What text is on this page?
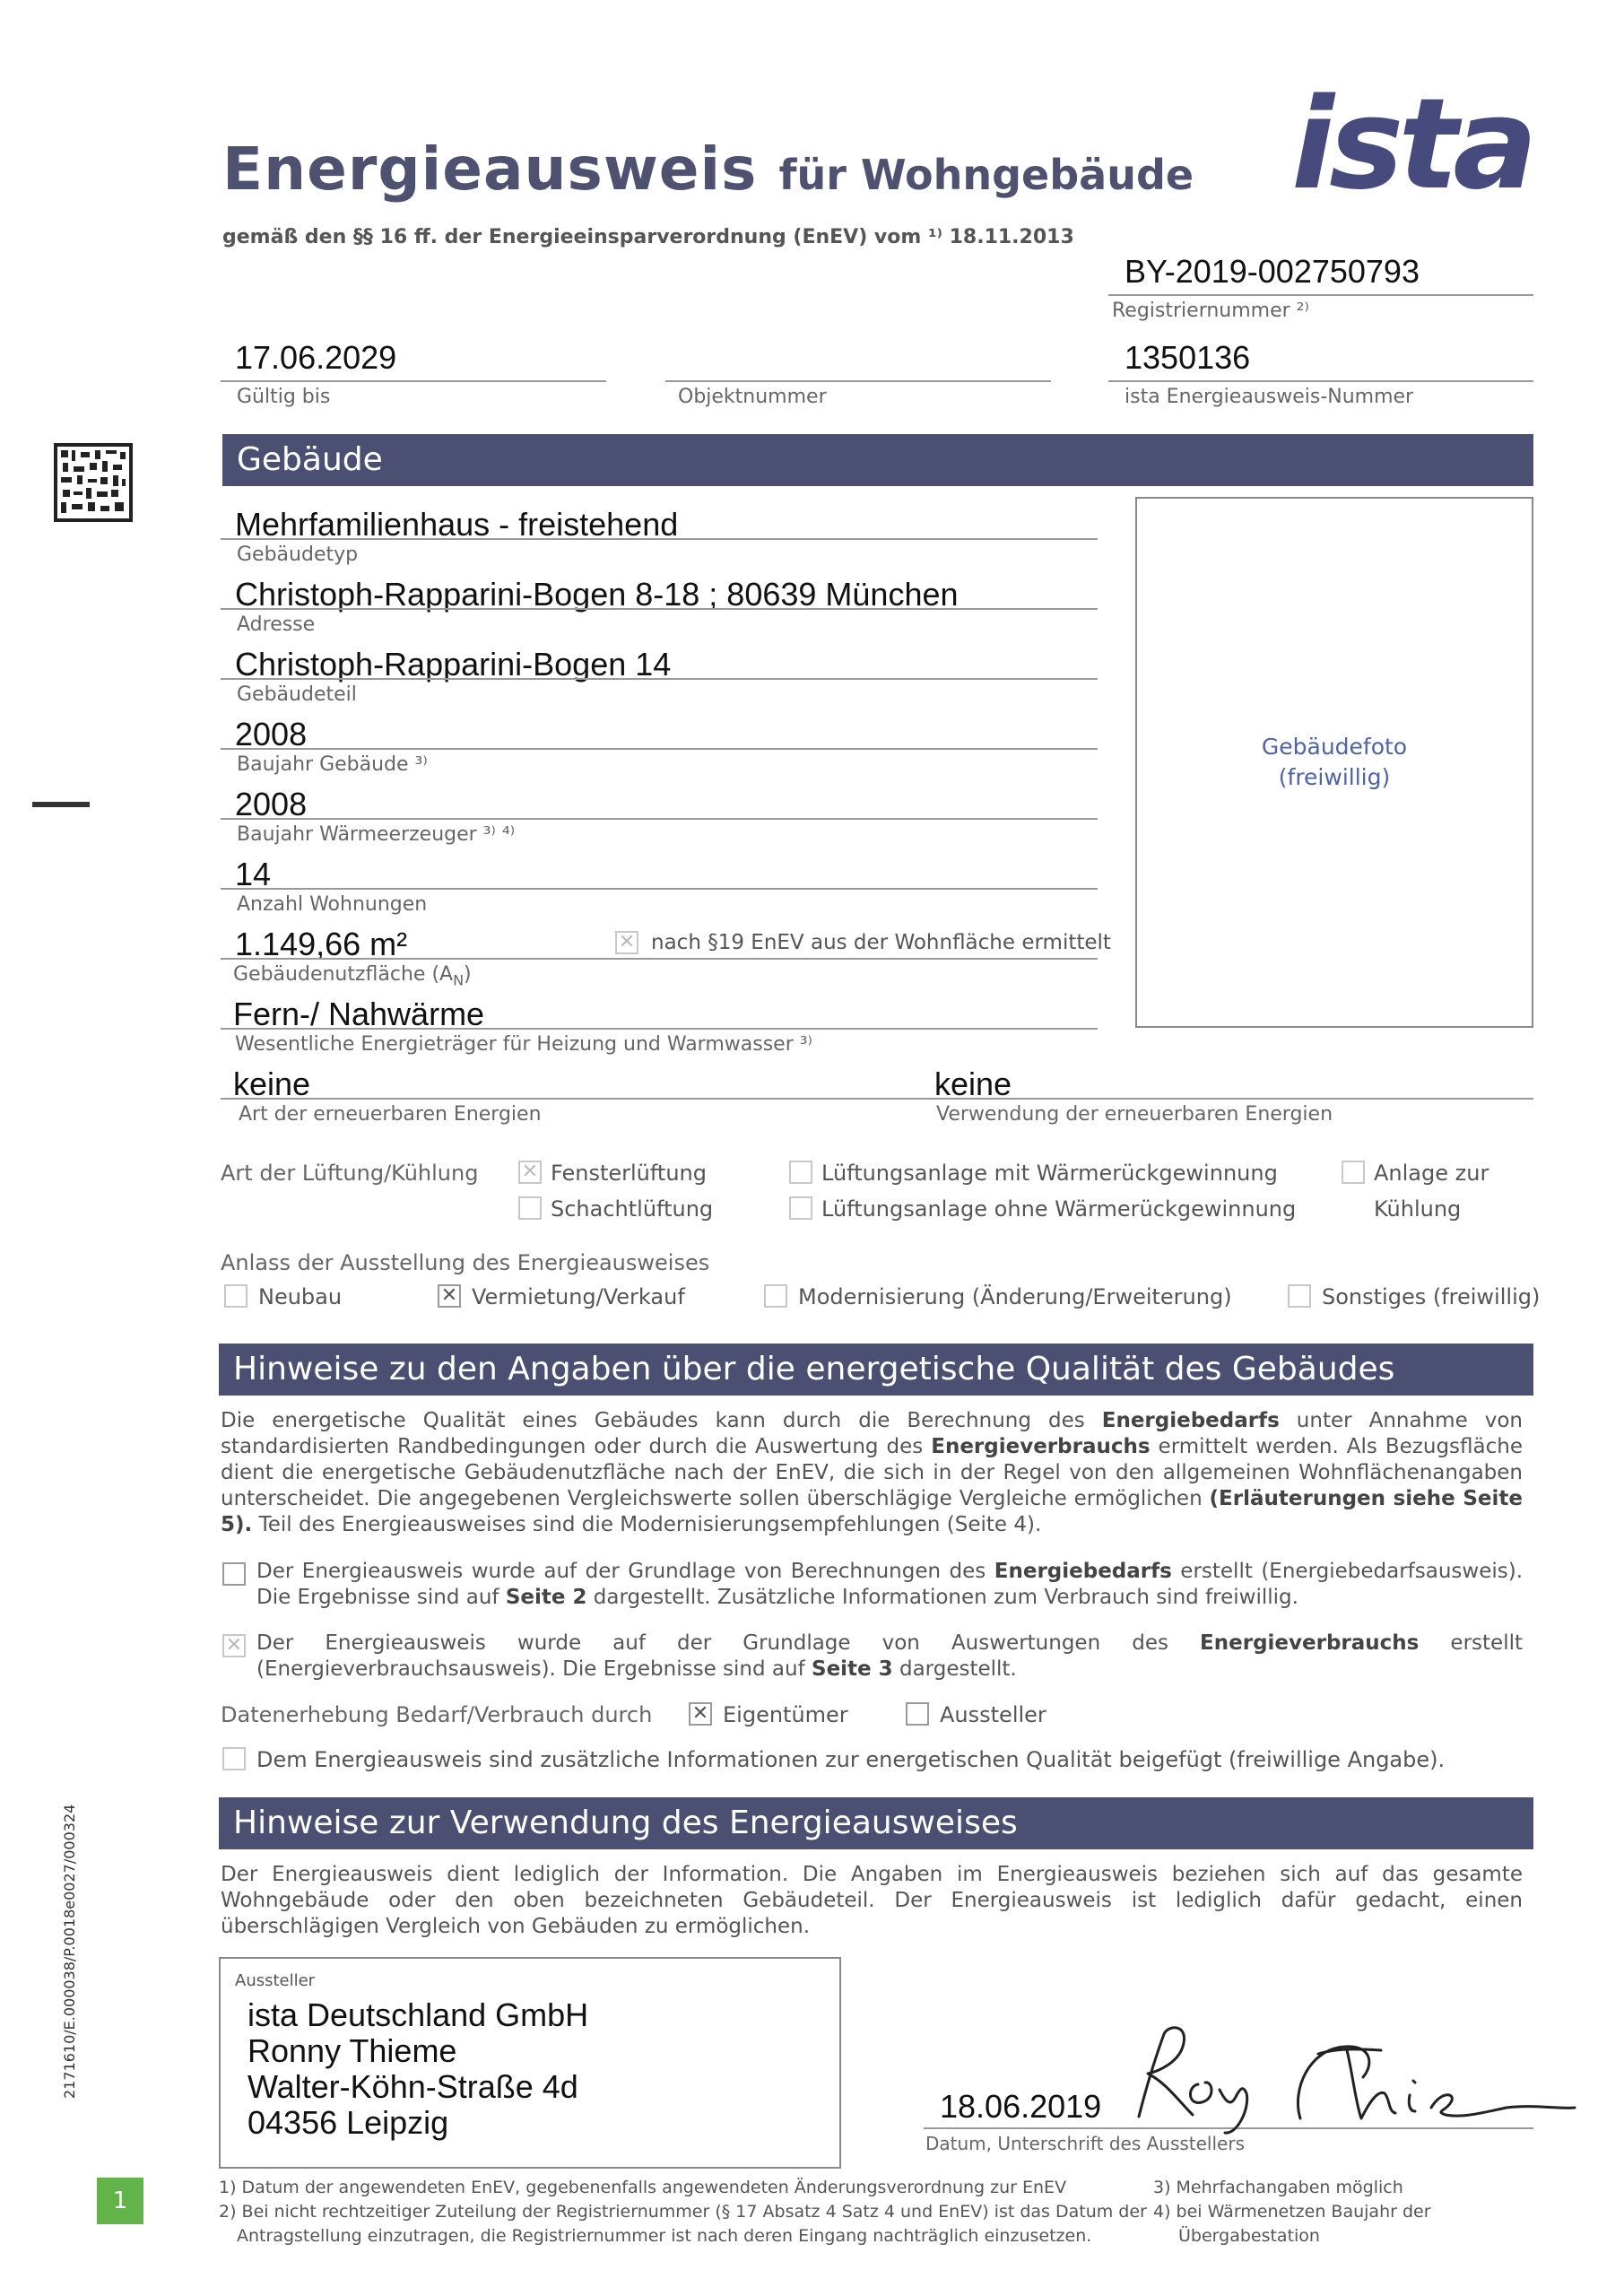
Energieausweis für Wohngebäude
gemäß den §§ 16 ff. der Energieeinsparverordnung (EnEV) vom ¹⁾ 18.11.2013
ista
BY-2019-002750793
Registriernummer ²⁾
17.06.2029
Gültig bis	Objektnummer
1350136
ista Energieausweis-Nummer
Gebäude
Mehrfamilienhaus - freistehend
Gebäudetyp
Christoph-Rapparini-Bogen 8-18 ; 80639 München
Adresse
Christoph-Rapparini-Bogen 14
Gebäudeteil
2008
Baujahr Gebäude ³⁾
2008
Baujahr Wärmeerzeuger ³⁾ ⁴⁾
14
Anzahl Wohnungen
1.149,66 m²	✕ nach §19 EnEV aus der Wohnfläche ermittelt
Gebäudenutzfläche $(A_N)$
Fern-/ Nahwärme
Wesentliche Energieträger für Heizung und Warmwasser ³⁾
Gebäudefoto
(freiwillig)
keine	keine
Art der erneuerbaren Energien	Verwendung der erneuerbaren Energien
Art der Lüftung/Kühlung ✕ Fensterlüftung
Schachtlüftung
Lüftungsanlage mit Wärmerückgewinnung
Lüftungsanlage ohne Wärmerückgewinnung
Anlage zur
Kühlung
Anlass der Ausstellung des Energieausweises
Neubau	✕ Vermietung/Verkauf	Modernisierung (Änderung/Erweiterung)	Sonstiges (freiwillig)
Hinweise zu den Angaben über die energetische Qualität des Gebäudes
Die energetische Qualität eines Gebäudes kann durch die Berechnung des Energiebedarfs unter Annahme von standardisierten Randbedingungen oder durch die Auswertung des Energieverbrauchs ermittelt werden. Als Bezugsfläche dient die energetische Gebäudenutzfläche nach der EnEV, die sich in der Regel von den allgemeinen Wohnflächenangaben unterscheidet. Die angegebenen Vergleichswerte sollen überschlägige Vergleiche ermöglichen (Erläuterungen siehe Seite 5). Teil des Energieausweises sind die Modernisierungsempfehlungen (Seite 4).
Der Energieausweis wurde auf der Grundlage von Berechnungen des Energiebedarfs erstellt (Energiebedarfsausweis). Die Ergebnisse sind auf Seite 2 dargestellt. Zusätzliche Informationen zum Verbrauch sind freiwillig.
✕ Der Energieausweis wurde auf der Grundlage von Auswertungen des Energieverbrauchs erstellt (Energieverbrauchsausweis). Die Ergebnisse sind auf Seite 3 dargestellt.
Datenerhebung Bedarf/Verbrauch durch ✕ Eigentümer	Aussteller
Dem Energieausweis sind zusätzliche Informationen zur energetischen Qualität beigefügt (freiwillige Angabe).
Hinweise zur Verwendung des Energieausweises
Der Energieausweis dient lediglich der Information. Die Angaben im Energieausweis beziehen sich auf das gesamte Wohngebäude oder den oben bezeichneten Gebäudeteil. Der Energieausweis ist lediglich dafür gedacht, einen überschlägigen Vergleich von Gebäuden zu ermöglichen.
Aussteller
ista Deutschland GmbH
Ronny Thieme
Walter-Köhn-Straße 4d
04356 Leipzig	18.06.2019
Datum, Unterschrift des Ausstellers
1) Datum der angewendeten EnEV, gegebenenfalls angewendeten Änderungsverordnung zur EnEV
2) Bei nicht rechtzeitiger Zuteilung der Registriernummer (§ 17 Absatz 4 Satz 4 und EnEV) ist das Datum der
Antragstellung einzutragen, die Registriernummer ist nach deren Eingang nachträglich einzusetzen.
3) Mehrfachangaben möglich
4) bei Wärmenetzen Baujahr der
Übergabestation
2171610/E.000038/P.0018e0027/000324
1
